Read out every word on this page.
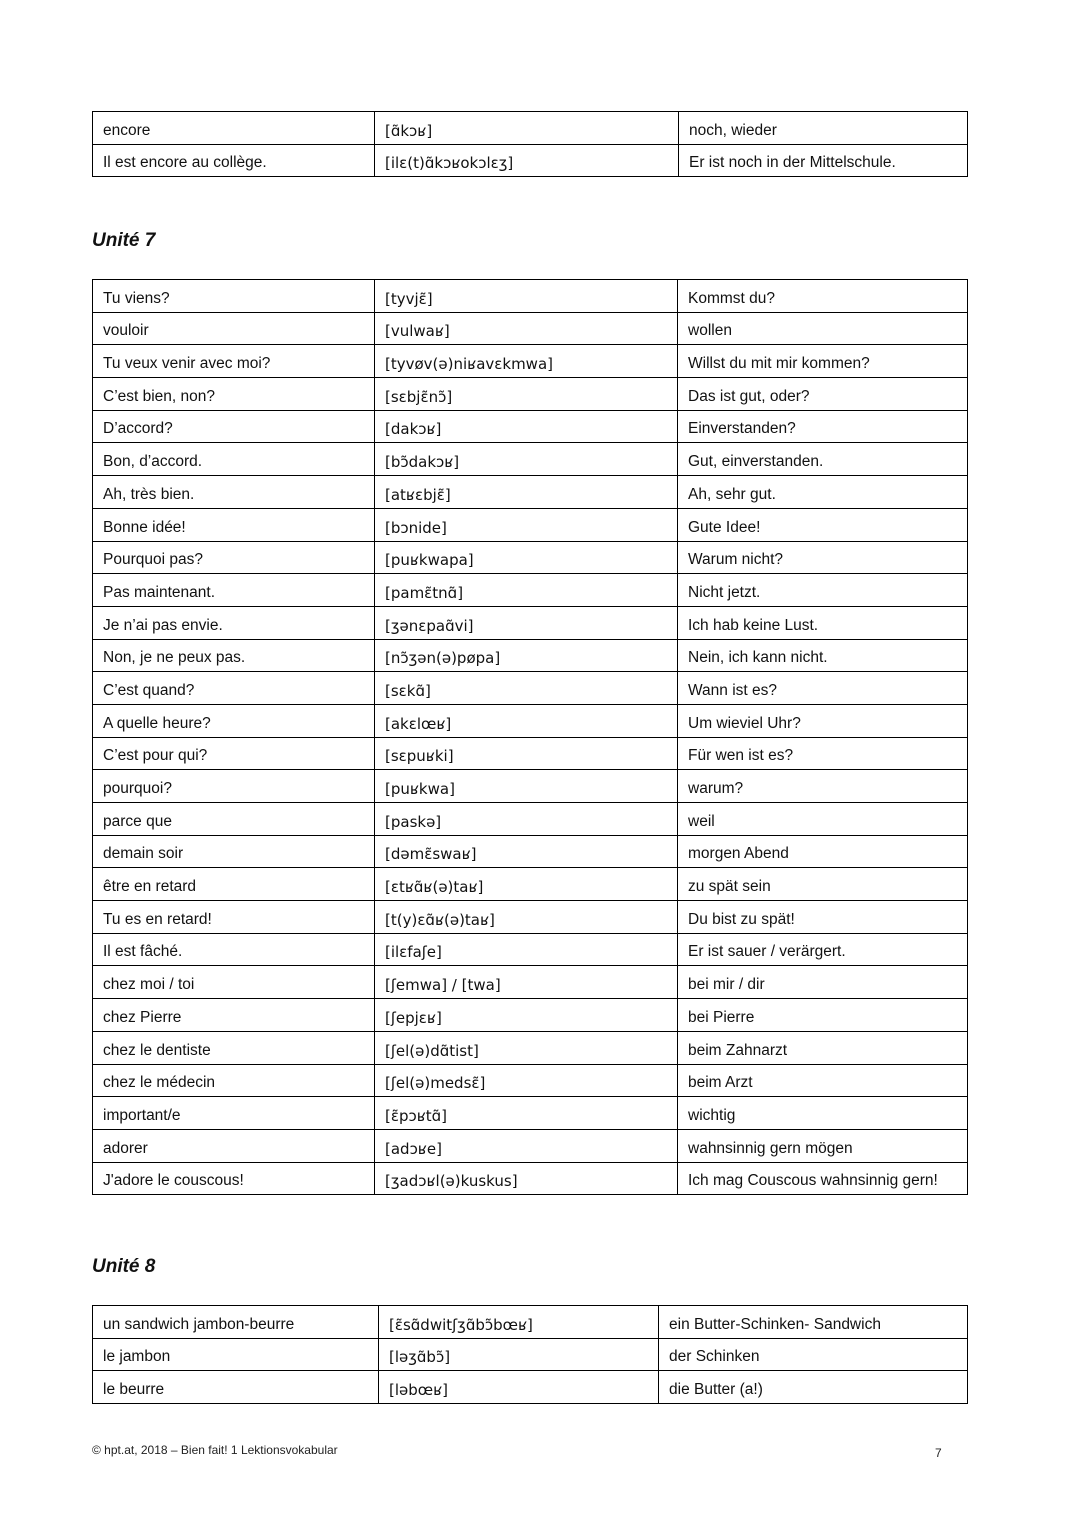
encore	[ɑ̃kɔʁ]	noch, wieder
Il est encore au collège.	[ilɛ(t)ɑ̃kɔʁokɔlɛʒ]	Er ist noch in der Mittelschule.
Unité 7
Tu viens?	[tyvjɛ̃]	Kommst du?
vouloir	[vulwaʁ]	wollen
Tu veux venir avec moi?	[tyvøv(ə)niʁavɛkmwa]	Willst du mit mir kommen?
C’est bien, non?	[sɛbjɛ̃nɔ̃]	Das ist gut, oder?
D’accord?	[dakɔʁ]	Einverstanden?
Bon, d’accord.	[bɔ̃dakɔʁ]	Gut, einverstanden.
Ah, très bien.	[atʁɛbjɛ̃]	Ah, sehr gut.
Bonne idée!	[bɔnide]	Gute Idee!
Pourquoi pas?	[puʁkwapa]	Warum nicht?
Pas maintenant.	[pamɛ̃tnɑ̃]	Nicht jetzt.
Je n’ai pas envie.	[ʒənɛpaɑ̃vi]	Ich hab keine Lust.
Non, je ne peux pas.	[nɔ̃ʒən(ə)pøpa]	Nein, ich kann nicht.
C’est quand?	[sɛkɑ̃]	Wann ist es?
A quelle heure?	[akɛlœʁ]	Um wieviel Uhr?
C’est pour qui?	[sɛpuʁki]	Für wen ist es?
pourquoi?	[puʁkwa]	warum?
parce que	[paskə]	weil
demain soir	[dəmɛ̃swaʁ]	morgen Abend
être en retard	[ɛtʁɑ̃ʁ(ə)taʁ]	zu spät sein
Tu es en retard!	[t(y)ɛɑ̃ʁ(ə)taʁ]	Du bist zu spät!
Il est fâché.	[ilɛfaʃe]	Er ist sauer / verärgert.
chez moi / toi	[ʃemwa] / [twa]	bei mir / dir
chez Pierre	[ʃepjɛʁ]	bei Pierre
chez le dentiste	[ʃel(ə)dɑ̃tist]	beim Zahnarzt
chez le médecin	[ʃel(ə)medsɛ̃]	beim Arzt
important/e	[ɛ̃pɔʁtɑ̃]	wichtig
adorer	[adɔʁe]	wahnsinnig gern mögen
J'adore le couscous!	[ʒadɔʁl(ə)kuskus]	Ich mag Couscous wahnsinnig gern!
Unité 8
un sandwich jambon-beurre	[ɛ̃sɑ̃dwitʃʒɑ̃bɔ̃bœʁ]	ein Butter-Schinken- Sandwich
le jambon	[ləʒɑ̃bɔ̃]	der Schinken
le beurre	[ləbœʁ]	die Butter (a!)
© hpt.at, 2018 – Bien fait! 1 Lektionsvokabular	7
